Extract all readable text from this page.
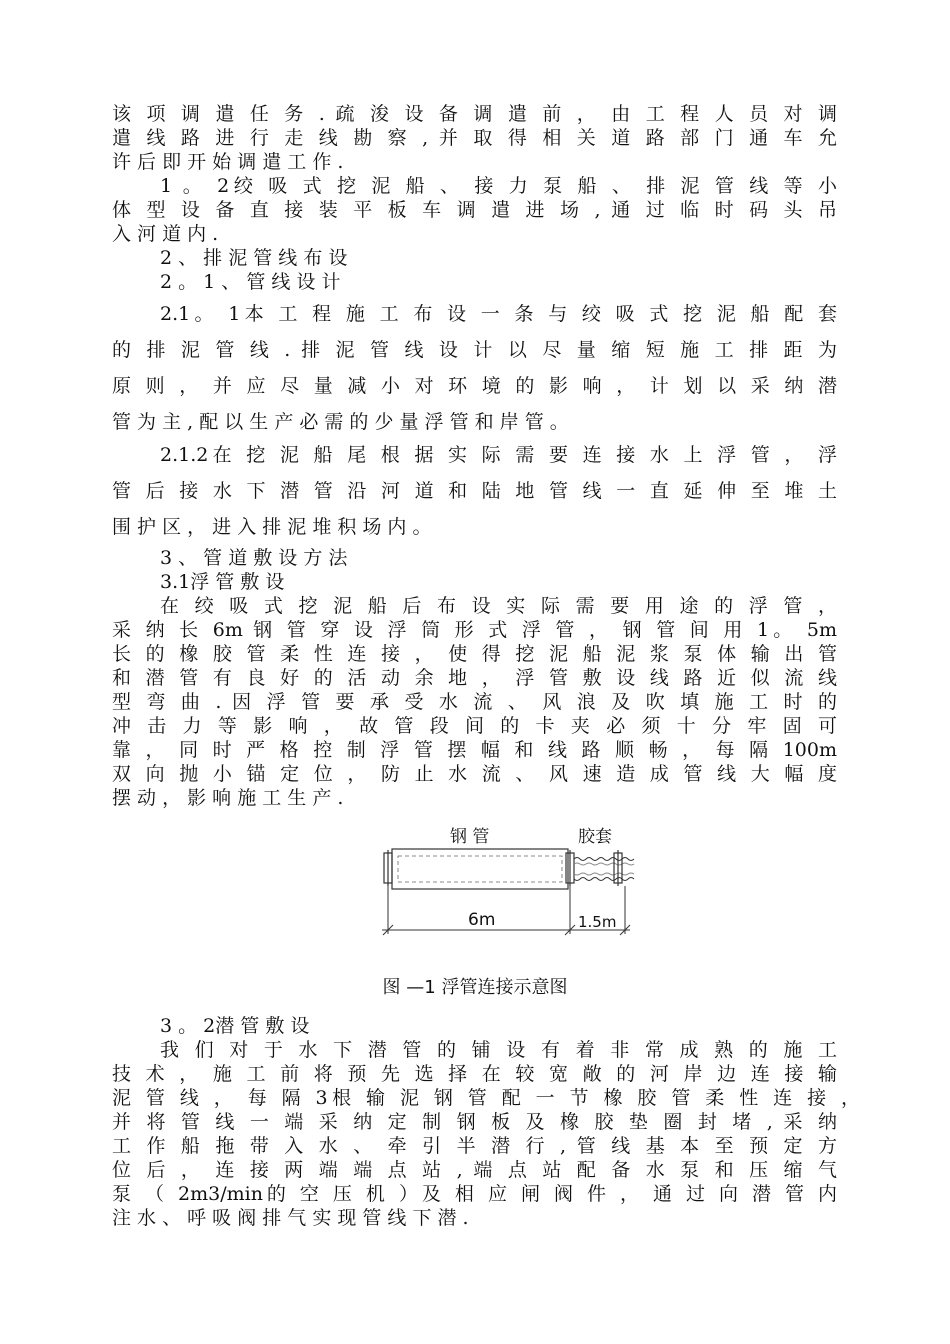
该 项 调 遣 任 务 . 疏 浚 设 备 调 遣 前 ， 由 工 程 人 员 对 调
遣 线 路 进 行 走 线 勘 察 , 并 取 得 相 关 道 路 部 门 通 车 允
许 后 即 开 始 调 遣 工 作 .
1 。 2绞 吸 式 挖 泥 船 、 接 力 泵 船 、 排 泥 管 线 等 小
体 型 设 备 直 接 装 平 板 车 调 遣 进 场 , 通 过 临 时 码 头 吊
入 河 道 内 .
2 、 排 泥 管 线 布 设
2 。 1 、 管 线 设 计
2.1。 1本 工 程 施 工 布 设 一 条 与 绞 吸 式 挖 泥 船 配 套
的 排 泥 管 线 . 排 泥 管 线 设 计 以 尽 量 缩 短 施 工 排 距 为
原 则 ， 并 应 尽 量 减 小 对 环 境 的 影 响 ， 计 划 以 采 纳 潜
管 为 主 , 配 以 生 产 必 需 的 少 量 浮 管 和 岸 管 。
2.1.2在 挖 泥 船 尾 根 据 实 际 需 要 连 接 水 上 浮 管 ， 浮
管 后 接 水 下 潜 管 沿 河 道 和 陆 地 管 线 一 直 延 伸 至 堆 土
围 护 区 ， 进 入 排 泥 堆 积 场 内 。
3 、 管 道 敷 设 方 法
3.1浮 管 敷 设
在 绞 吸 式 挖 泥 船 后 布 设 实 际 需 要 用 途 的 浮 管 ，
采 纳 长 6m 钢 管 穿 设 浮 筒 形 式 浮 管 ， 钢 管 间 用 1。 5m
长 的 橡 胶 管 柔 性 连 接 ， 使 得 挖 泥 船 泥 浆 泵 体 输 出 管
和 潜 管 有 良 好 的 活 动 余 地 ， 浮 管 敷 设 线 路 近 似 流 线
型 弯 曲 . 因 浮 管 要 承 受 水 流 、 风 浪 及 吹 填 施 工 时 的
冲 击 力 等 影 响 ， 故 管 段 间 的 卡 夹 必 须 十 分 牢 固 可
靠 ， 同 时 严 格 控 制 浮 管 摆 幅 和 线 路 顺 畅 ， 每 隔 100m
双 向 抛 小 锚 定 位 ， 防 止 水 流 、 风 速 造 成 管 线 大 幅 度
摆 动 ， 影 响 施 工 生 产 .
钢 管	胶套
6m	1.5m
图 —1 浮管连接示意图
3 。 2潜 管 敷 设
我 们 对 于 水 下 潜 管 的 铺 设 有 着 非 常 成 熟 的 施 工
技 术 ， 施 工 前 将 预 先 选 择 在 较 宽 敞 的 河 岸 边 连 接 输
泥 管 线 ， 每 隔 3根 输 泥 钢 管 配 一 节 橡 胶 管 柔 性 连 接 ，
并 将 管 线 一 端 采 纳 定 制 钢 板 及 橡 胶 垫 圈 封 堵 , 采 纳
工 作 船 拖 带 入 水 、 牵 引 半 潜 行 , 管 线 基 本 至 预 定 方
位 后 ， 连 接 两 端 端 点 站 , 端 点 站 配 备 水 泵 和 压 缩 气
泵 （ 2m3/min的 空 压 机 ）及 相 应 闸 阀 件 ， 通 过 向 潜 管 内
注 水 、 呼 吸 阀 排 气 实 现 管 线 下 潜 .
